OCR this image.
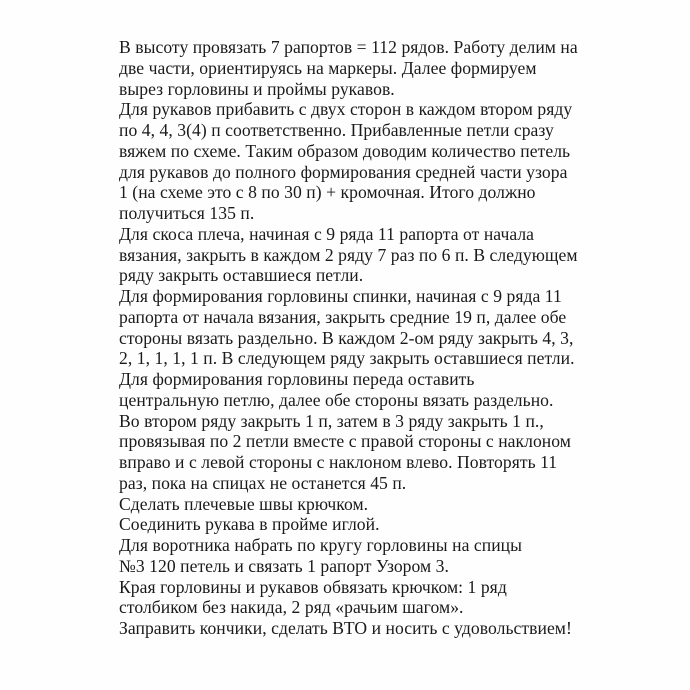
В высоту провязать 7 рапортов = 112 рядов. Работу делим на
две части, ориентируясь на маркеры. Далее формируем
вырез горловины и проймы рукавов.
Для рукавов прибавить с двух сторон в каждом втором ряду
по 4, 4, 3(4) п соответственно. Прибавленные петли сразу
вяжем по схеме. Таким образом доводим количество петель
для рукавов до полного формирования средней части узора
1 (на схеме это с 8 по 30 п) + кромочная. Итого должно
получиться 135 п.
Для скоса плеча, начиная с 9 ряда 11 рапорта от начала
вязания, закрыть в каждом 2 ряду 7 раз по 6 п. В следующем
ряду закрыть оставшиеся петли.
Для формирования горловины спинки, начиная с 9 ряда 11
рапорта от начала вязания, закрыть средние 19 п, далее обе
стороны вязать раздельно. В каждом 2-ом ряду закрыть 4, 3,
2, 1, 1, 1, 1 п. В следующем ряду закрыть оставшиеся петли.
Для формирования горловины переда оставить
центральную петлю, далее обе стороны вязать раздельно.
Во втором ряду закрыть 1 п, затем в 3 ряду закрыть 1 п.,
провязывая по 2 петли вместе с правой стороны с наклоном
вправо и с левой стороны с наклоном влево. Повторять 11
раз, пока на спицах не останется 45 п.
Сделать плечевые швы крючком.
Соединить рукава в пройме иглой.
Для воротника набрать по кругу горловины на спицы
№3 120 петель и связать 1 рапорт Узором 3.
Края горловины и рукавов обвязать крючком: 1 ряд
столбиком без накида, 2 ряд «рачьим шагом».
Заправить кончики, сделать ВТО и носить с удовольствием!
